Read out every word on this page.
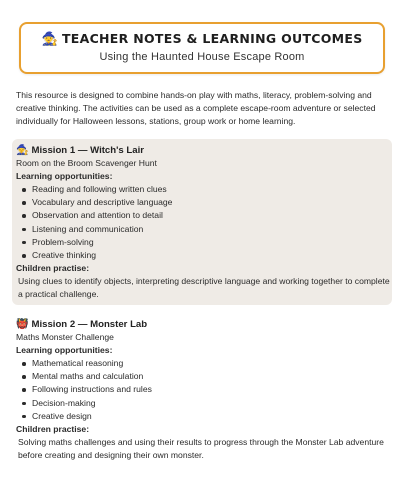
🧙 TEACHER NOTES & LEARNING OUTCOMES
Using the Haunted House Escape Room
This resource is designed to combine hands-on play with maths, literacy, problem-solving and creative thinking. The activities can be used as a complete escape-room adventure or selected individually for Halloween lessons, stations, group work or home learning.
🧙 Mission 1 — Witch's Lair
Room on the Broom Scavenger Hunt
Learning opportunities:
Reading and following written clues
Vocabulary and descriptive language
Observation and attention to detail
Listening and communication
Problem-solving
Creative thinking
Children practise:
Using clues to identify objects, interpreting descriptive language and working together to complete a practical challenge.
👹 Mission 2 — Monster Lab
Maths Monster Challenge
Learning opportunities:
Mathematical reasoning
Mental maths and calculation
Following instructions and rules
Decision-making
Creative design
Children practise:
Solving maths challenges and using their results to progress through the Monster Lab adventure before creating and designing their own monster.
